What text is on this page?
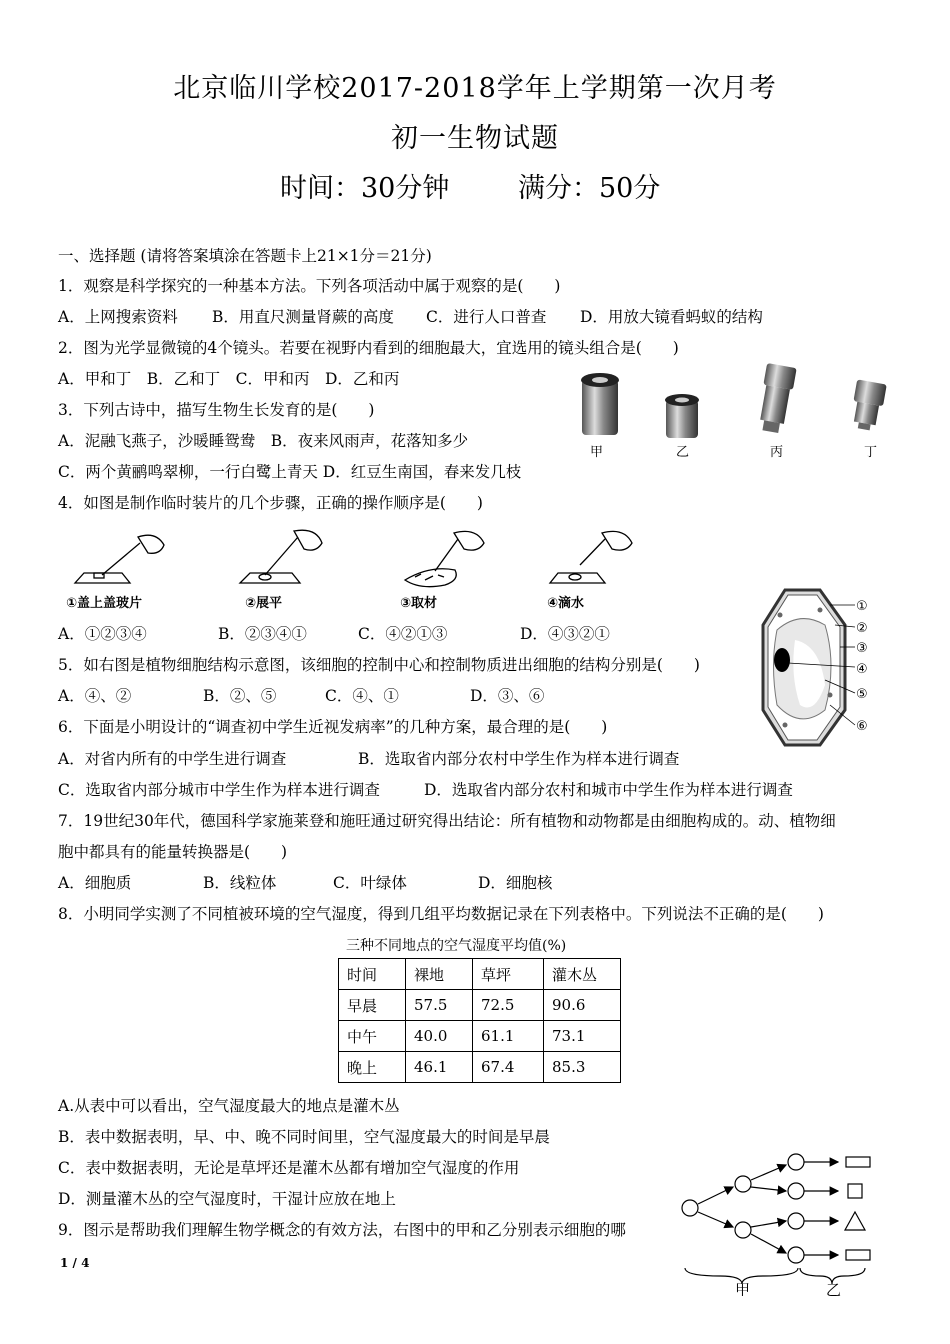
北京临川学校2017-2018学年上学期第一次月考
初一生物试题
时间：30分钟	满分：50分
一、选择题 (请将答案填涂在答题卡上21×1分＝21分)
1．观察是科学探究的一种基本方法。下列各项活动中属于观察的是(　　)
A．上网搜索资料 B．用直尺测量肾蕨的高度 C．进行人口普查 D．用放大镜看蚂蚁的结构
2．图为光学显微镜的4个镜头。若要在视野内看到的细胞最大，宜选用的镜头组合是(　　)
A．甲和丁　B．乙和丁　C．甲和丙　D．乙和丙
甲	乙	丙	丁
3．下列古诗中，描写生物生长发育的是(　　)
A．泥融飞燕子，沙暖睡鸳鸯　B．夜来风雨声，花落知多少
C．两个黄鹂鸣翠柳，一行白鹭上青天 D．红豆生南国，春来发几枝
4．如图是制作临时装片的几个步骤，正确的操作顺序是(　　)
①盖上盖玻片	②展平	③取材	④滴水
A．①②③④	B．②③④①	C．④②①③	D．④③②①
①
②
③
④
⑤
⑥
5．如右图是植物细胞结构示意图，该细胞的控制中心和控制物质进出细胞的结构分别是(　　)
A．④、②	B．②、⑤	C．④、①	D．③、⑥
6．下面是小明设计的“调查初中学生近视发病率”的几种方案，最合理的是(　　)
A．对省内所有的中学生进行调查	B．选取省内部分农村中学生作为样本进行调查
C．选取省内部分城市中学生作为样本进行调查	D．选取省内部分农村和城市中学生作为样本进行调查
7．19世纪30年代，德国科学家施莱登和施旺通过研究得出结论：所有植物和动物都是由细胞构成的。动、植物细
胞中都具有的能量转换器是(　　)
A．细胞质	B．线粒体	C．叶绿体	D．细胞核
8．小明同学实测了不同植被环境的空气湿度，得到几组平均数据记录在下列表格中。下列说法不正确的是(　　)
三种不同地点的空气湿度平均值(%)
时间	裸地	草坪	灌木丛
早晨	57.5	72.5	90.6
中午	40.0	61.1	73.1
晚上	46.1	67.4	85.3
A.从表中可以看出，空气湿度最大的地点是灌木丛
B．表中数据表明，早、中、晚不同时间里，空气湿度最大的时间是早晨
C．表中数据表明，无论是草坪还是灌木丛都有增加空气湿度的作用
D．测量灌木丛的空气湿度时，干湿计应放在地上
9．图示是帮助我们理解生物学概念的有效方法，右图中的甲和乙分别表示细胞的哪
甲	乙
1 / 4
